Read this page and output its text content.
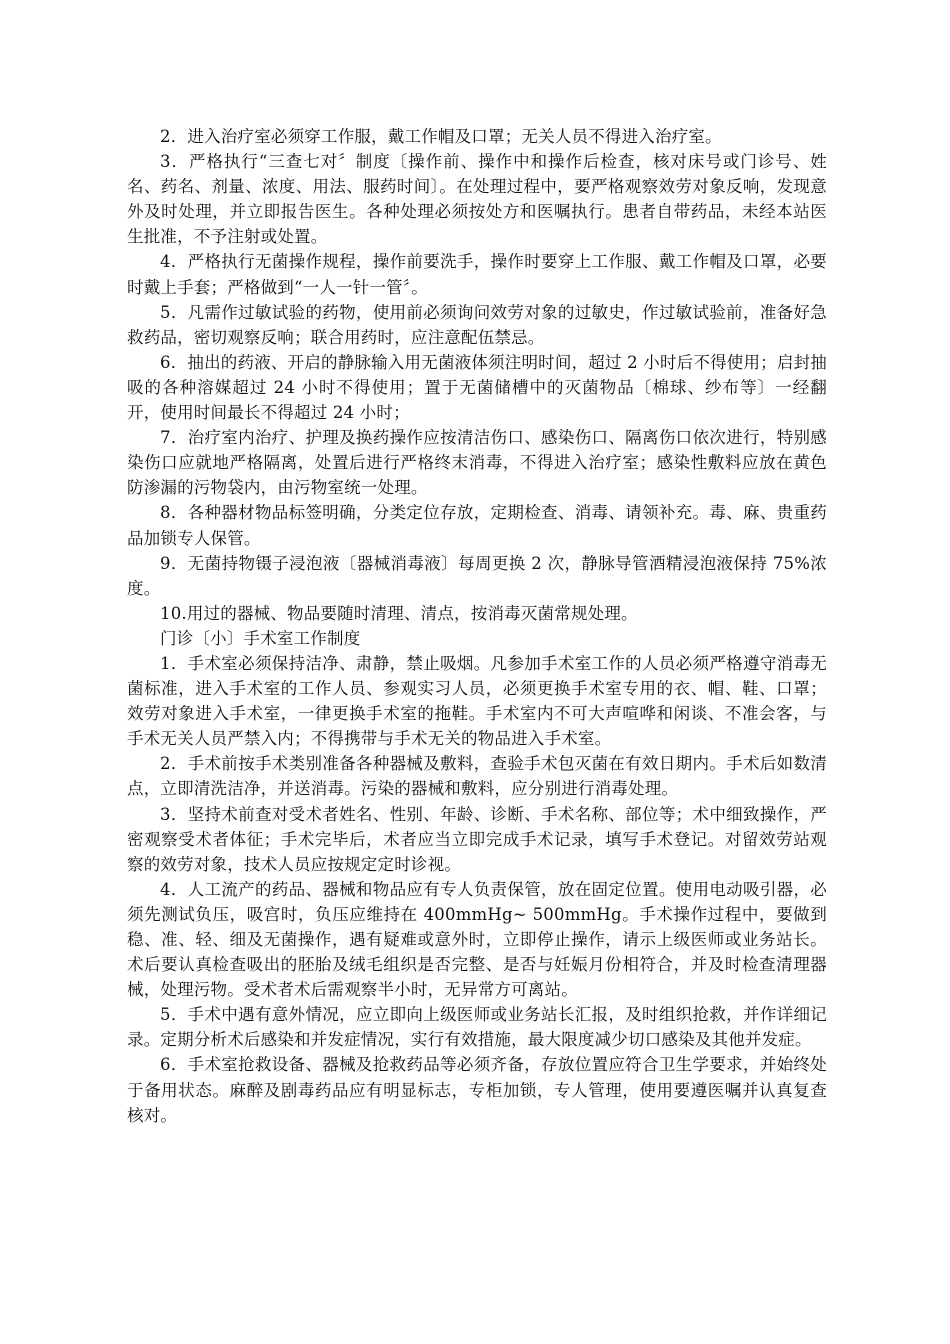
2．进入治疗室必须穿工作服，戴工作帽及口罩；无关人员不得进入治疗室。

3．严格执行“三查七对〞制度〔操作前、操作中和操作后检查，核对床号或门诊号、姓名、药名、剂量、浓度、用法、服药时间〕。在处理过程中，要严格观察效劳对象反响，发现意外及时处理，并立即报告医生。各种处理必须按处方和医嘱执行。患者自带药品，未经本站医生批准，不予注射或处置。

4．严格执行无菌操作规程，操作前要洗手，操作时要穿上工作服、戴工作帽及口罩，必要时戴上手套；严格做到“一人一针一管〞。

5．凡需作过敏试验的药物，使用前必须询问效劳对象的过敏史，作过敏试验前，准备好急救药品，密切观察反响；联合用药时，应注意配伍禁忌。

6．抽出的药液、开启的静脉输入用无菌液体须注明时间，超过 2 小时后不得使用；启封抽吸的各种溶媒超过 24 小时不得使用；置于无菌储槽中的灭菌物品〔棉球、纱布等〕一经翻开，使用时间最长不得超过 24 小时；

7．治疗室内治疗、护理及换药操作应按清洁伤口、感染伤口、隔离伤口依次进行，特别感染伤口应就地严格隔离，处置后进行严格终末消毒，不得进入治疗室；感染性敷料应放在黄色防渗漏的污物袋内，由污物室统一处理。

8．各种器材物品标签明确，分类定位存放，定期检查、消毒、请领补充。毒、麻、贵重药品加锁专人保管。

9．无菌持物镊子浸泡液〔器械消毒液〕每周更换 2 次，静脉导管酒精浸泡液保持 75%浓度。

10.用过的器械、物品要随时清理、清点，按消毒灭菌常规处理。

门诊〔小〕手术室工作制度

1．手术室必须保持洁净、肃静，禁止吸烟。凡参加手术室工作的人员必须严格遵守消毒无菌标准，进入手术室的工作人员、参观实习人员，必须更换手术室专用的衣、帽、鞋、口罩；效劳对象进入手术室，一律更换手术室的拖鞋。手术室内不可大声喧哗和闲谈、不准会客，与手术无关人员严禁入内；不得携带与手术无关的物品进入手术室。

2．手术前按手术类别准备各种器械及敷料，查验手术包灭菌在有效日期内。手术后如数清点，立即清洗洁净，并送消毒。污染的器械和敷料，应分别进行消毒处理。

3．坚持术前查对受术者姓名、性别、年龄、诊断、手术名称、部位等；术中细致操作，严密观察受术者体征；手术完毕后，术者应当立即完成手术记录，填写手术登记。对留效劳站观察的效劳对象，技术人员应按规定定时诊视。

4．人工流产的药品、器械和物品应有专人负责保管，放在固定位置。使用电动吸引器，必须先测试负压，吸宫时，负压应维持在 400mmHg~ 500mmHg。手术操作过程中，要做到稳、准、轻、细及无菌操作，遇有疑难或意外时，立即停止操作，请示上级医师或业务站长。术后要认真检查吸出的胚胎及绒毛组织是否完整、是否与妊娠月份相符合，并及时检查清理器械，处理污物。受术者术后需观察半小时，无异常方可离站。

5．手术中遇有意外情况，应立即向上级医师或业务站长汇报，及时组织抢救，并作详细记录。定期分析术后感染和并发症情况，实行有效措施，最大限度减少切口感染及其他并发症。

6．手术室抢救设备、器械及抢救药品等必须齐备，存放位置应符合卫生学要求，并始终处于备用状态。麻醉及剧毒药品应有明显标志，专柜加锁，专人管理，使用要遵医嘱并认真复查核对。
